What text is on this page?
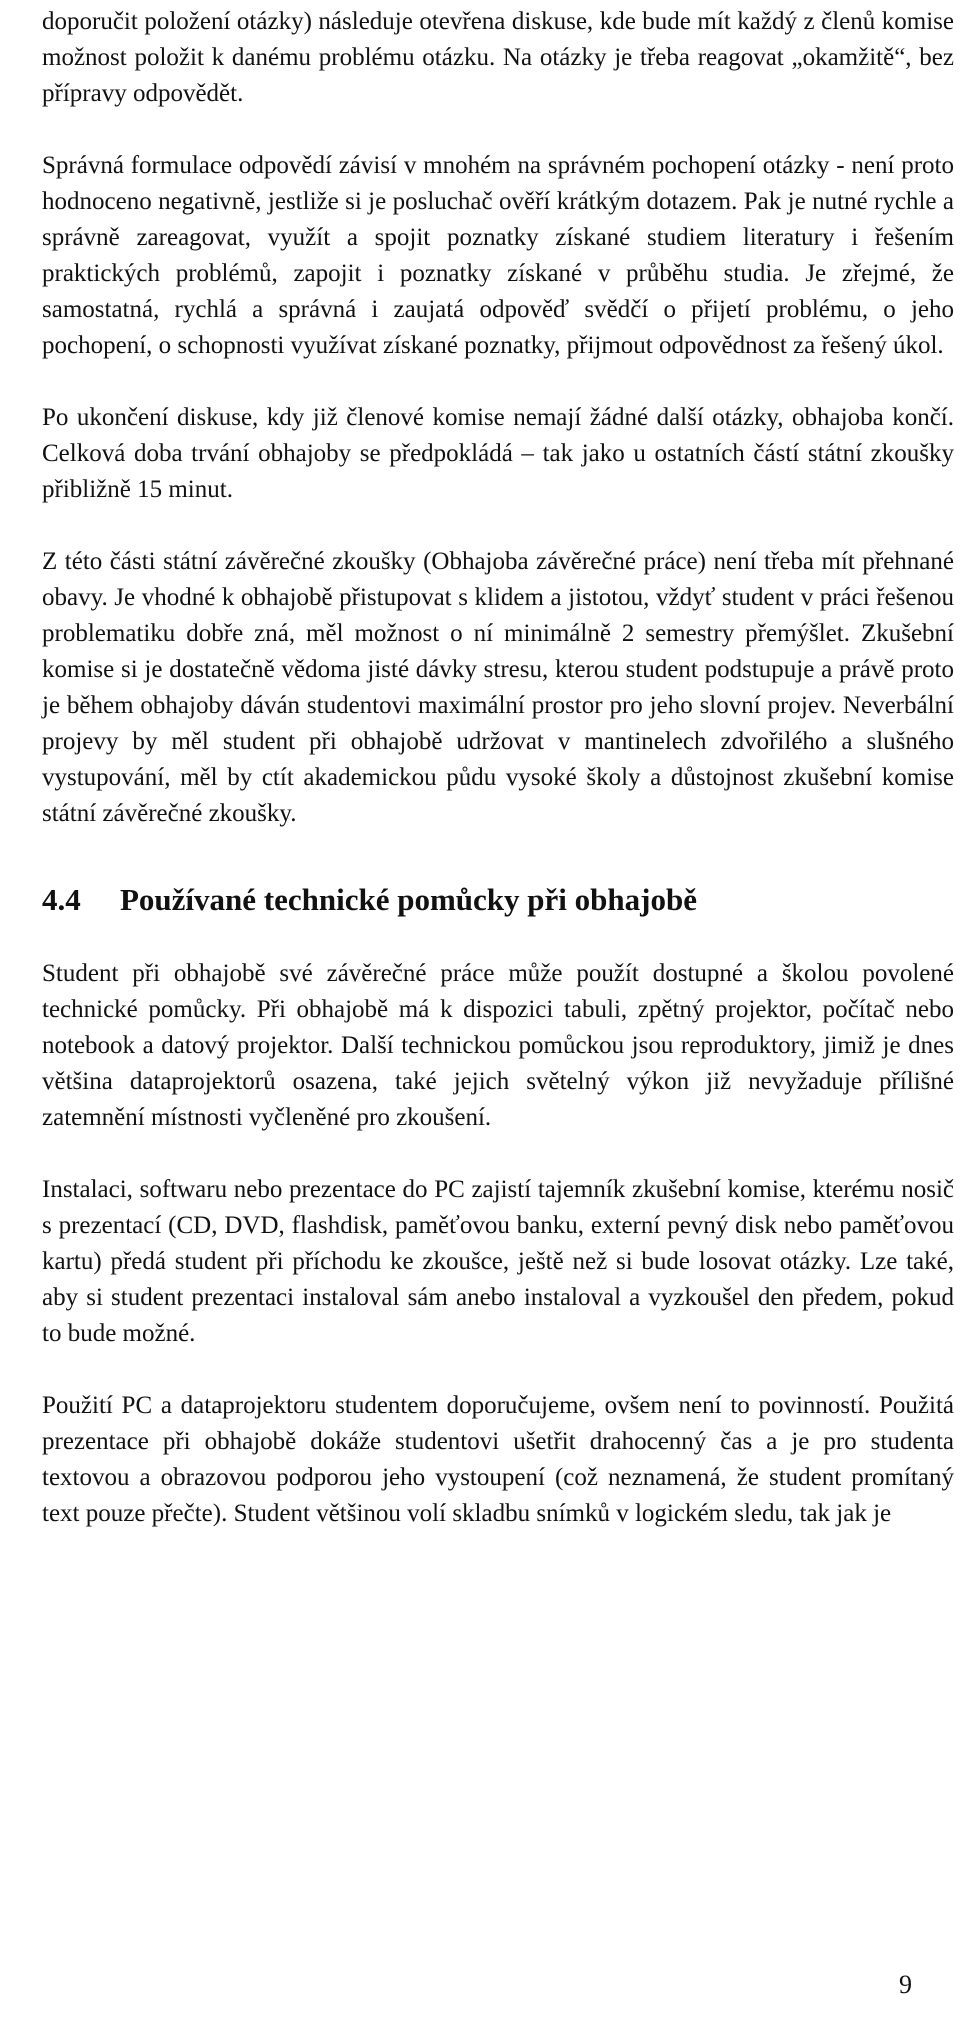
doporučit položení otázky) následuje otevřena diskuse, kde bude mít každý z členů komise možnost položit k danému problému otázku. Na otázky je třeba reagovat „okamžitě“, bez přípravy odpovědět.

Správná formulace odpovědí závisí v mnohém na správném pochopení otázky - není proto hodnoceno negativně, jestliže si je posluchač ověří krátkým dotazem. Pak je nutné rychle a správně zareagovat, využít a spojit poznatky získané studiem literatury i řešením praktických problémů, zapojit i poznatky získané v průběhu studia. Je zřejmé, že samostatná, rychlá a správná i zaujatá odpověď svědčí o přijetí problému, o jeho pochopení, o schopnosti využívat získané poznatky, přijmout odpovědnost za řešený úkol.

Po ukončení diskuse, kdy již členové komise nemají žádné další otázky, obhajoba končí. Celková doba trvání obhajoby se předpokládá – tak jako u ostatních částí státní zkoušky přibližně 15 minut.

Z této části státní závěrečné zkoušky (Obhajoba závěrečné práce) není třeba mít přehnané obavy. Je vhodné k obhajobě přistupovat s klidem a jistotou, vždyť student v práci řešenou problematiku dobře zná, měl možnost o ní minimálně 2 semestry přemýšlet. Zkušební komise si je dostatečně vědoma jisté dávky stresu, kterou student podstupuje a právě proto je během obhajoby dáván studentovi maximální prostor pro jeho slovní projev. Neverbální projevy by měl student při obhajobě udržovat v mantinelech zdvořilého a slušného vystupování, měl by ctít akademickou půdu vysoké školy a důstojnost zkušební komise státní závěrečné zkoušky.

4.4 Používané technické pomůcky při obhajobě

Student při obhajobě své závěrečné práce může použít dostupné a školou povolené technické pomůcky. Při obhajobě má k dispozici tabuli, zpětný projektor, počítač nebo notebook a datový projektor. Další technickou pomůckou jsou reproduktory, jimiž je dnes většina dataprojektorů osazena, také jejich světelný výkon již nevyžaduje přílišné zatemnění místnosti vyčleněné pro zkoušení.

Instalaci, softwaru nebo prezentace do PC zajistí tajemník zkušební komise, kterému nosič s prezentací (CD, DVD, flashdisk, paměťovou banku, externí pevný disk nebo paměťovou kartu) předá student při příchodu ke zkoušce, ještě než si bude losovat otázky. Lze také, aby si student prezentaci instaloval sám anebo instaloval a vyzkoušel den předem, pokud to bude možné.

Použití PC a dataprojektoru studentem doporučujeme, ovšem není to povinností. Použitá prezentace při obhajobě dokáže studentovi ušetřit drahocenný čas a je pro studenta textovou a obrazovou podporou jeho vystoupení (což neznamená, že student promítaný text pouze přečte). Student většinou volí skladbu snímků v logickém sledu, tak jak je

9
